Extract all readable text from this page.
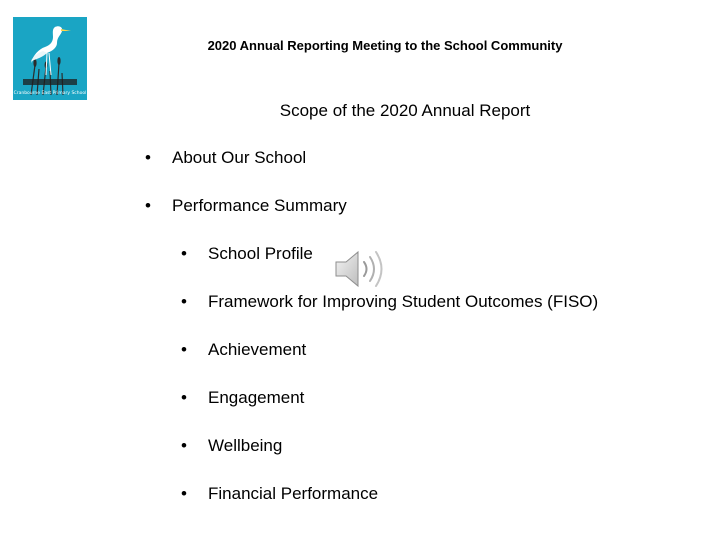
Cranbourne East Primary School
2020 Annual Reporting Meeting to the School Community
Scope of the 2020 Annual Report
• About Our School
• Performance Summary
• School Profile
• Framework for Improving Student Outcomes (FISO)
• Achievement
• Engagement
• Wellbeing
• Financial Performance
